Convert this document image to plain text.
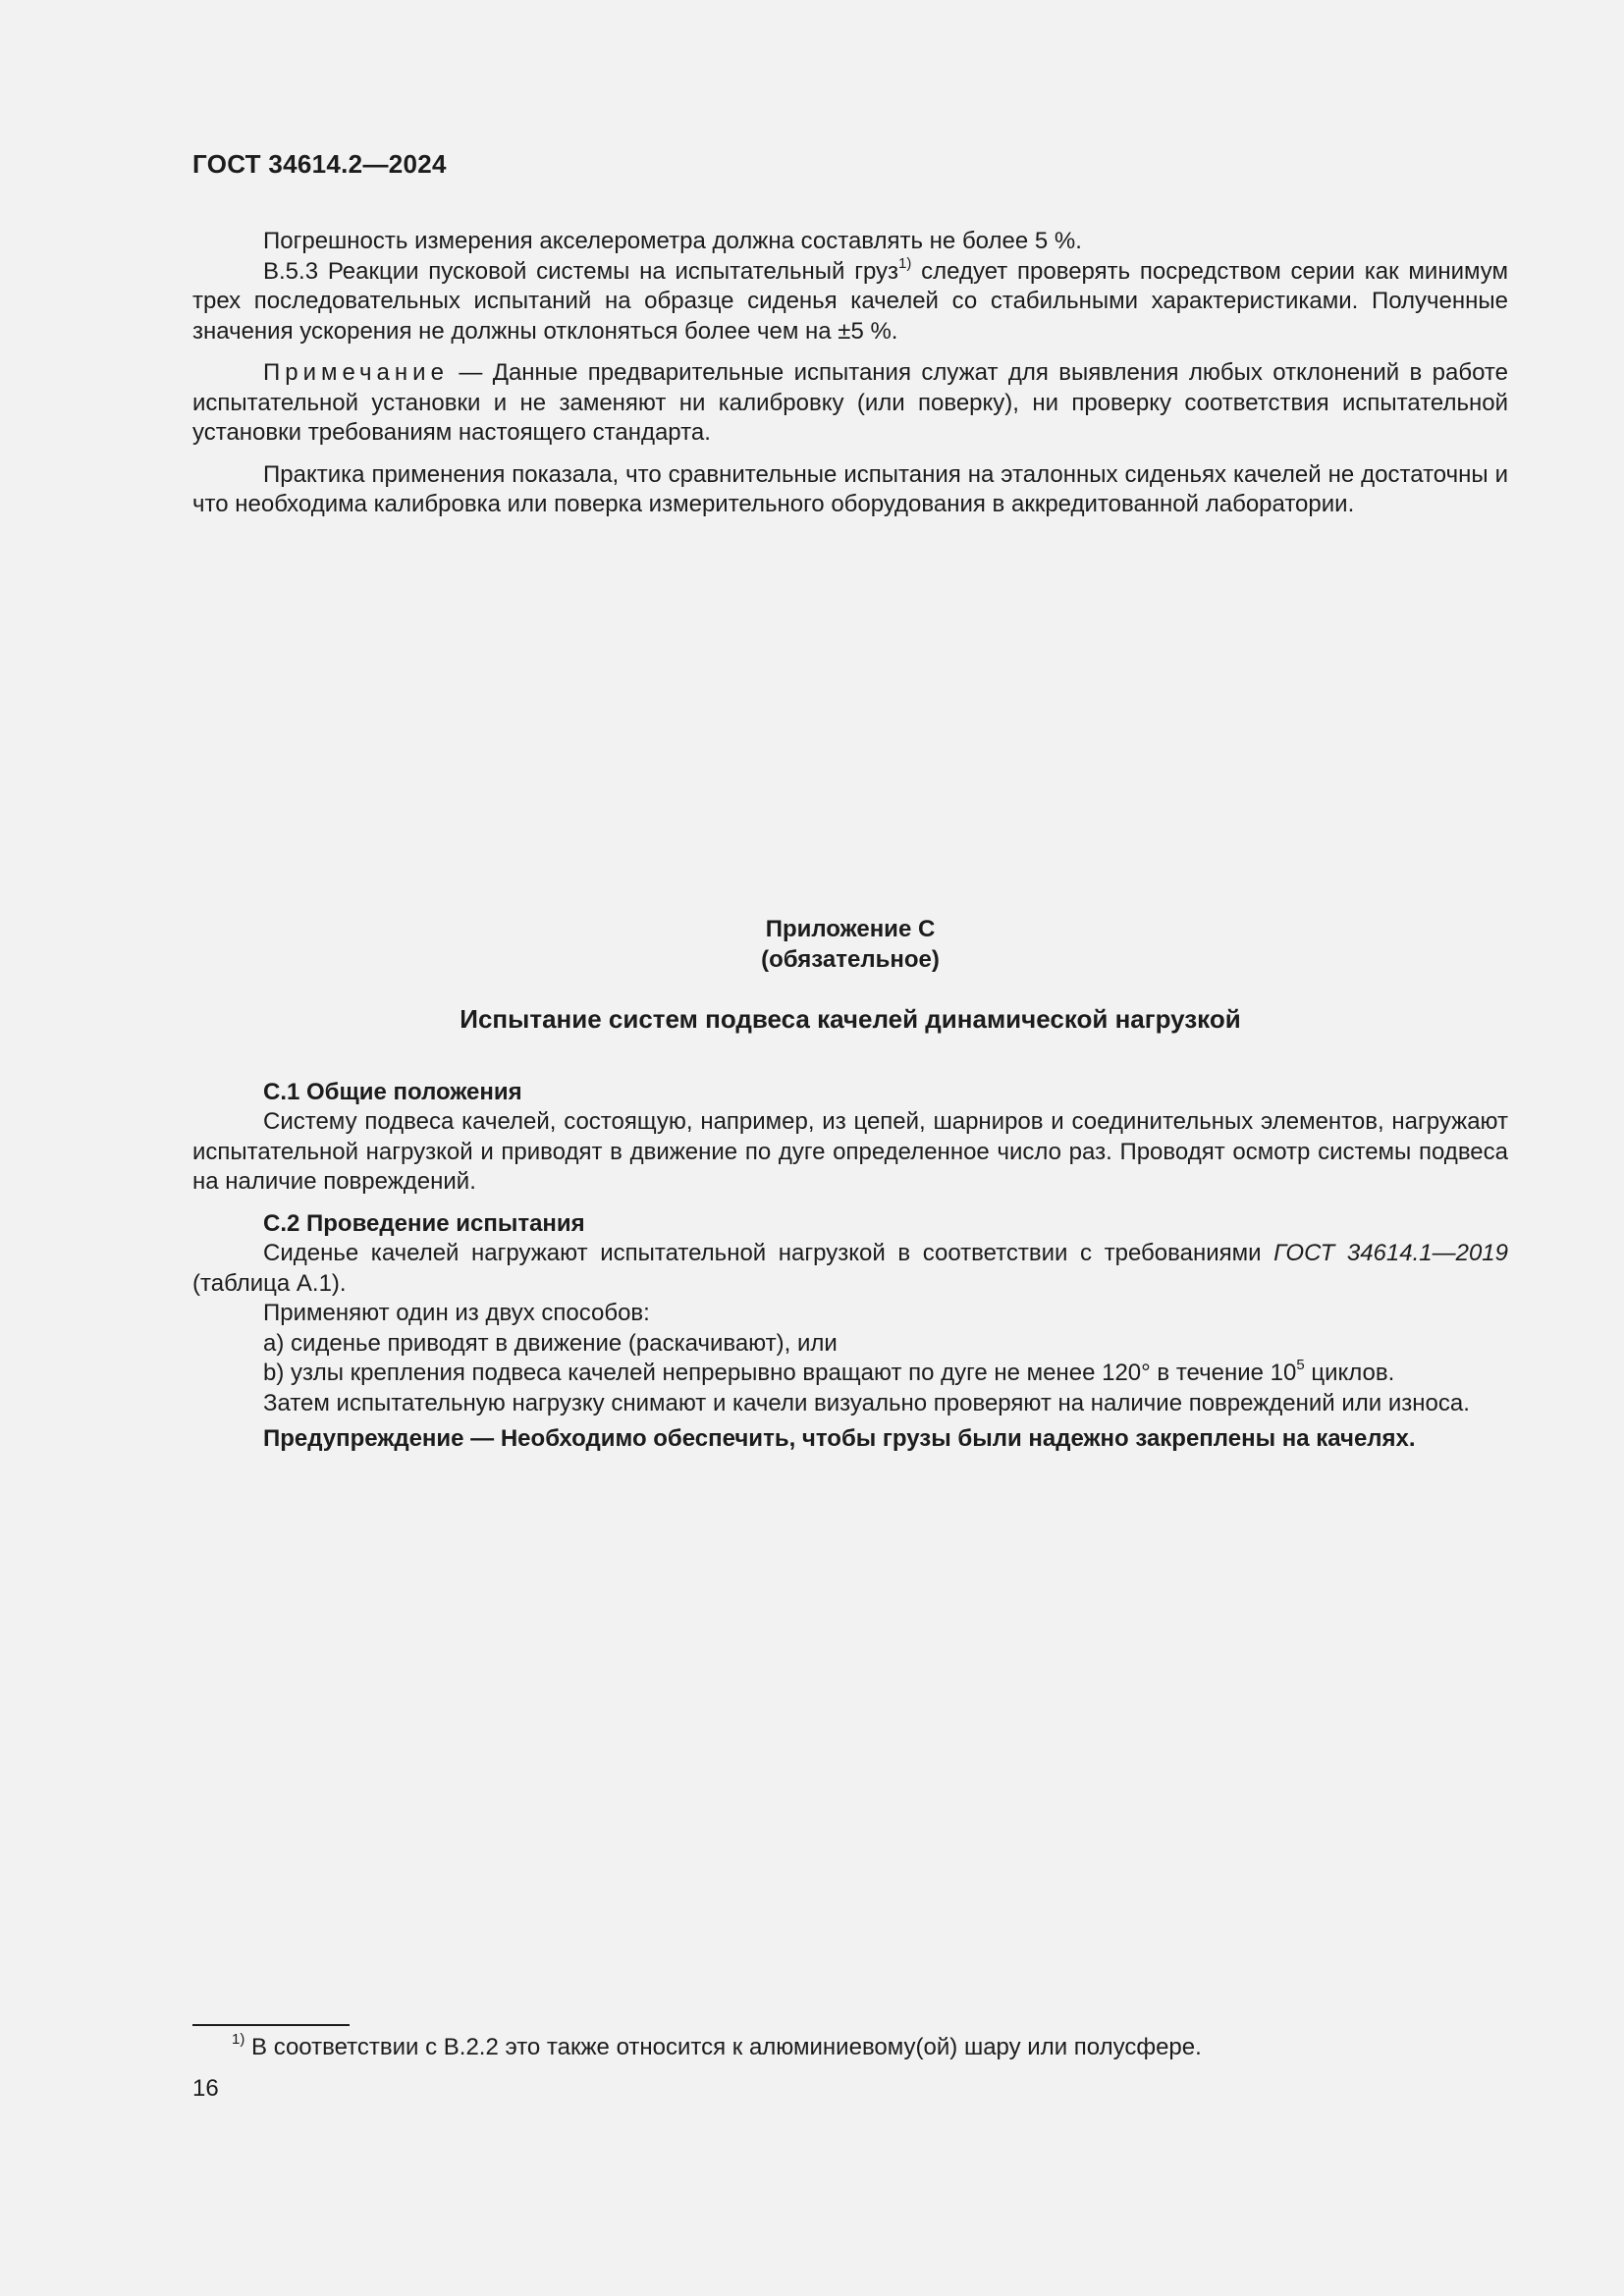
ГОСТ 34614.2—2024

Погрешность измерения акселерометра должна составлять не более 5 %.

В.5.3 Реакции пусковой системы на испытательный груз$^{1)}$ следует проверять посредством серии как минимум трех последовательных испытаний на образце сиденья качелей со стабильными характеристиками. Полученные значения ускорения не должны отклоняться более чем на ±5 %.

Примечание — Данные предварительные испытания служат для выявления любых отклонений в работе испытательной установки и не заменяют ни калибровку (или поверку), ни проверку соответствия испытательной установки требованиям настоящего стандарта.

Практика применения показала, что сравнительные испытания на эталонных сиденьях качелей не достаточны и что необходима калибровка или поверка измерительного оборудования в аккредитованной лаборатории.

Приложение С
(обязательное)
Испытание систем подвеса качелей динамической нагрузкой

С.1 Общие положения

Систему подвеса качелей, состоящую, например, из цепей, шарниров и соединительных элементов, нагружают испытательной нагрузкой и приводят в движение по дуге определенное число раз. Проводят осмотр системы подвеса на наличие повреждений.

С.2 Проведение испытания

Сиденье качелей нагружают испытательной нагрузкой в соответствии с требованиями ГОСТ 34614.1—2019 (таблица А.1).

Применяют один из двух способов:

а) сиденье приводят в движение (раскачивают), или

b) узлы крепления подвеса качелей непрерывно вращают по дуге не менее 120° в течение $10^5$ циклов.

Затем испытательную нагрузку снимают и качели визуально проверяют на наличие повреждений или износа.

Предупреждение — Необходимо обеспечить, чтобы грузы были надежно закреплены на качелях.

$^{1)}$ В соответствии с В.2.2 это также относится к алюминиевому(ой) шару или полусфере.
16
